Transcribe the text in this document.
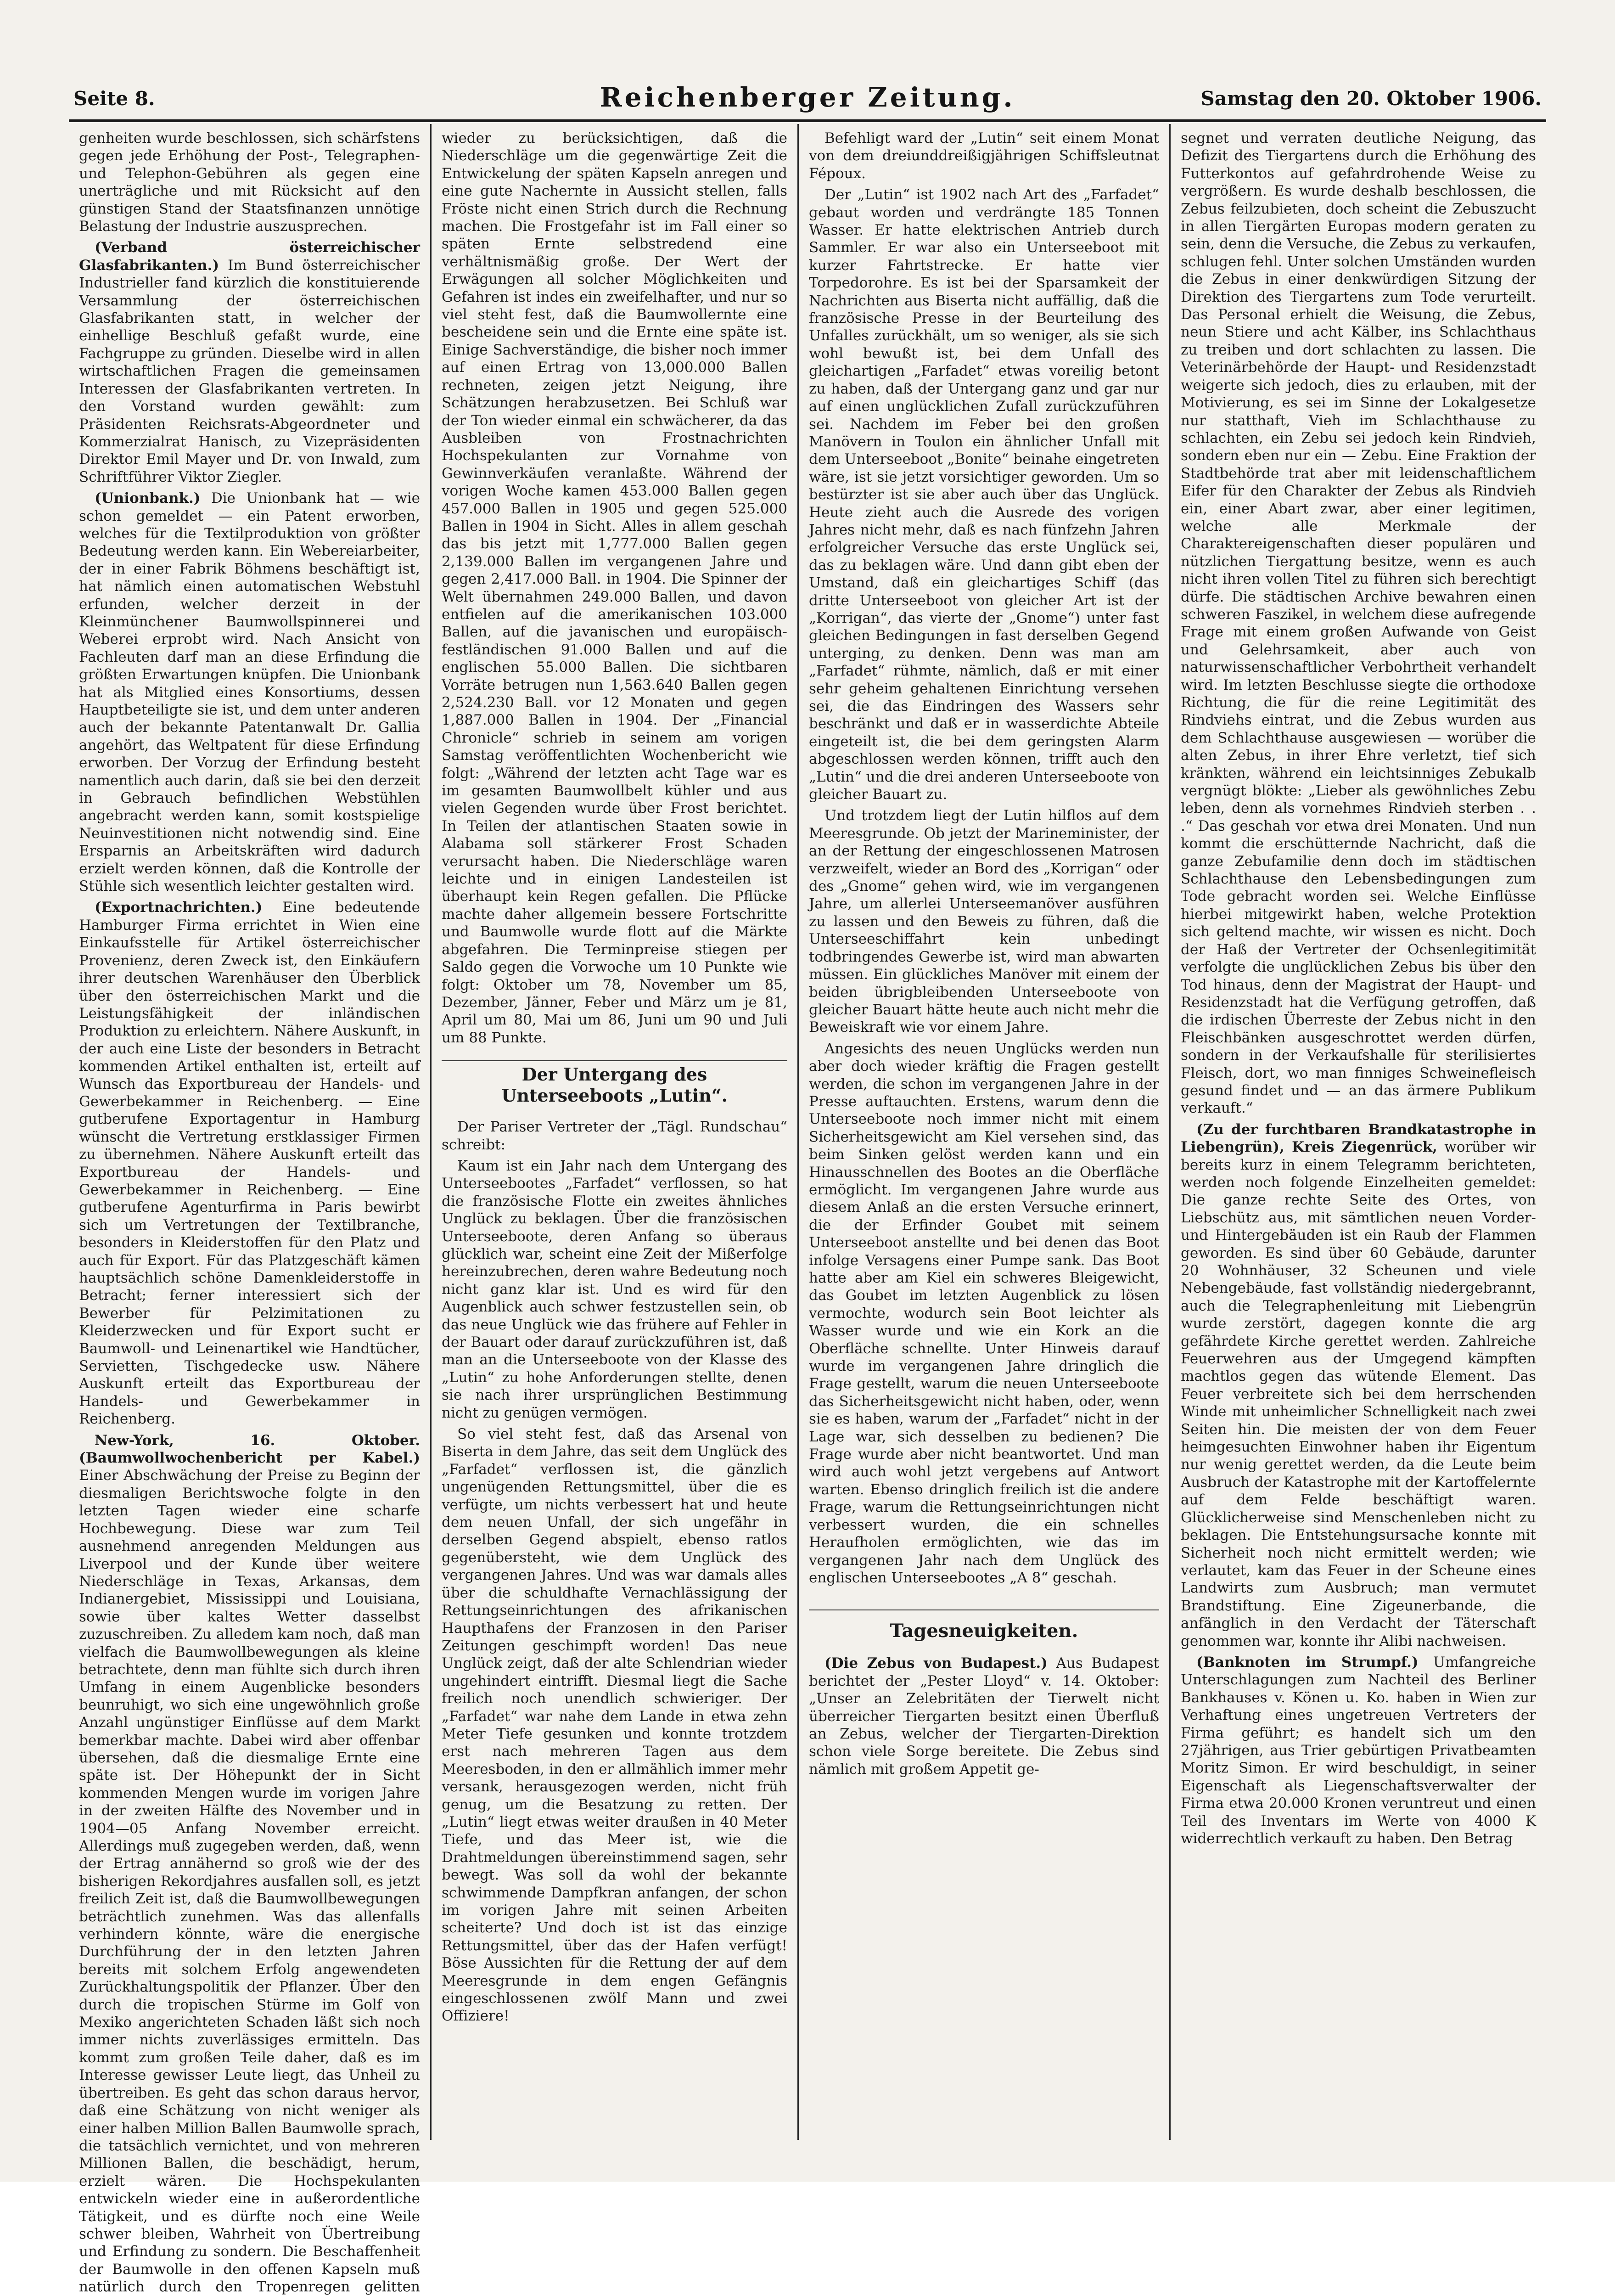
Seite 8.	Reichenberger Zeitung.	Samstag den 20. Oktober 1906.

genheiten wurde beschlossen, sich schärfstens gegen jede Erhöhung der Post-, Telegraphen- und Telephon-Gebühren als gegen eine unerträgliche und mit Rücksicht auf den günstigen Stand der Staatsfinanzen unnötige Belastung der Industrie auszusprechen.

(Verband österreichischer Glasfabrikanten.) Im Bund österreichischer Industrieller fand kürzlich die konstituierende Versammlung der österreichischen Glasfabrikanten statt, in welcher der einhellige Beschluß gefaßt wurde, eine Fachgruppe zu gründen. Dieselbe wird in allen wirtschaftlichen Fragen die gemeinsamen Interessen der Glasfabrikanten vertreten. In den Vorstand wurden gewählt: zum Präsidenten Reichsrats-Abgeordneter und Kommerzialrat Hanisch, zu Vizepräsidenten Direktor Emil Mayer und Dr. von Inwald, zum Schriftführer Viktor Ziegler.

(Unionbank.) Die Unionbank hat — wie schon gemeldet — ein Patent erworben, welches für die Textilproduktion von größter Bedeutung werden kann. Ein Webereiarbeiter, der in einer Fabrik Böhmens beschäftigt ist, hat nämlich einen automatischen Webstuhl erfunden, welcher derzeit in der Kleinmünchener Baumwollspinnerei und Weberei erprobt wird. Nach Ansicht von Fachleuten darf man an diese Erfindung die größten Erwartungen knüpfen. Die Unionbank hat als Mitglied eines Konsortiums, dessen Hauptbeteiligte sie ist, und dem unter anderen auch der bekannte Patentanwalt Dr. Gallia angehört, das Weltpatent für diese Erfindung erworben. Der Vorzug der Erfindung besteht namentlich auch darin, daß sie bei den derzeit in Gebrauch befindlichen Webstühlen angebracht werden kann, somit kostspielige Neuinvestitionen nicht notwendig sind. Eine Ersparnis an Arbeitskräften wird dadurch erzielt werden können, daß die Kontrolle der Stühle sich wesentlich leichter gestalten wird.

(Exportnachrichten.) Eine bedeutende Hamburger Firma errichtet in Wien eine Einkaufsstelle für Artikel österreichischer Provenienz, deren Zweck ist, den Einkäufern ihrer deutschen Warenhäuser den Überblick über den österreichischen Markt und die Leistungsfähigkeit der inländischen Produktion zu erleichtern. Nähere Auskunft, in der auch eine Liste der besonders in Betracht kommenden Artikel enthalten ist, erteilt auf Wunsch das Exportbureau der Handels- und Gewerbekammer in Reichenberg. — Eine gutberufene Exportagentur in Hamburg wünscht die Vertretung erstklassiger Firmen zu übernehmen. Nähere Auskunft erteilt das Exportbureau der Handels- und Gewerbekammer in Reichenberg. — Eine gutberufene Agenturfirma in Paris bewirbt sich um Vertretungen der Textilbranche, besonders in Kleiderstoffen für den Platz und auch für Export. Für das Platzgeschäft kämen hauptsächlich schöne Damenkleiderstoffe in Betracht; ferner interessiert sich der Bewerber für Pelzimitationen zu Kleiderzwecken und für Export sucht er Baumwoll- und Leinenartikel wie Handtücher, Servietten, Tischgedecke usw. Nähere Auskunft erteilt das Exportbureau der Handels- und Gewerbekammer in Reichenberg.

New-York, 16. Oktober. (Baumwollwochenbericht per Kabel.) Einer Abschwächung der Preise zu Beginn der diesmaligen Berichtswoche folgte in den letzten Tagen wieder eine scharfe Hochbewegung. Diese war zum Teil ausnehmend anregenden Meldungen aus Liverpool und der Kunde über weitere Niederschläge in Texas, Arkansas, dem Indianergebiet, Mississippi und Louisiana, sowie über kaltes Wetter dasselbst zuzuschreiben. Zu alledem kam noch, daß man vielfach die Baumwollbewegungen als kleine betrachtete, denn man fühlte sich durch ihren Umfang in einem Augenblicke besonders beunruhigt, wo sich eine ungewöhnlich große Anzahl ungünstiger Einflüsse auf dem Markt bemerkbar machte. Dabei wird aber offenbar übersehen, daß die diesmalige Ernte eine späte ist. Der Höhepunkt der in Sicht kommenden Mengen wurde im vorigen Jahre in der zweiten Hälfte des November und in 1904—05 Anfang November erreicht. Allerdings muß zugegeben werden, daß, wenn der Ertrag annähernd so groß wie der des bisherigen Rekordjahres ausfallen soll, es jetzt freilich Zeit ist, daß die Baumwollbewegungen beträchtlich zunehmen. Was das allenfalls verhindern könnte, wäre die energische Durchführung der in den letzten Jahren bereits mit solchem Erfolg angewendeten Zurückhaltungspolitik der Pflanzer. Über den durch die tropischen Stürme im Golf von Mexiko angerichteten Schaden läßt sich noch immer nichts zuverlässiges ermitteln. Das kommt zum großen Teile daher, daß es im Interesse gewisser Leute liegt, das Unheil zu übertreiben. Es geht das schon daraus hervor, daß eine Schätzung von nicht weniger als einer halben Million Ballen Baumwolle sprach, die tatsächlich vernichtet, und von mehreren Millionen Ballen, die beschädigt, herum, erzielt wären. Die Hochspekulanten entwickeln wieder eine in außerordentliche Tätigkeit, und es dürfte noch eine Weile schwer bleiben, Wahrheit von Übertreibung und Erfindung zu sondern. Die Beschaffenheit der Baumwolle in den offenen Kapseln muß natürlich durch den Tropenregen gelitten

wieder zu berücksichtigen, daß die Niederschläge um die gegenwärtige Zeit die Entwickelung der späten Kapseln anregen und eine gute Nachernte in Aussicht stellen, falls Fröste nicht einen Strich durch die Rechnung machen. Die Frostgefahr ist im Fall einer so späten Ernte selbstredend eine verhältnismäßig große. Der Wert der Erwägungen all solcher Möglichkeiten und Gefahren ist indes ein zweifelhafter, und nur so viel steht fest, daß die Baumwollernte eine bescheidene sein und die Ernte eine späte ist. Einige Sachverständige, die bisher noch immer auf einen Ertrag von 13,000.000 Ballen rechneten, zeigen jetzt Neigung, ihre Schätzungen herabzusetzen. Bei Schluß war der Ton wieder einmal ein schwächerer, da das Ausbleiben von Frostnachrichten Hochspekulanten zur Vornahme von Gewinnverkäufen veranlaßte. Während der vorigen Woche kamen 453.000 Ballen gegen 457.000 Ballen in 1905 und gegen 525.000 Ballen in 1904 in Sicht. Alles in allem geschah das bis jetzt mit 1,777.000 Ballen gegen 2,139.000 Ballen im vergangenen Jahre und gegen 2,417.000 Ball. in 1904. Die Spinner der Welt übernahmen 249.000 Ballen, und davon entfielen auf die amerikanischen 103.000 Ballen, auf die javanischen und europäisch-festländischen 91.000 Ballen und auf die englischen 55.000 Ballen. Die sichtbaren Vorräte betrugen nun 1,563.640 Ballen gegen 2,524.230 Ball. vor 12 Monaten und gegen 1,887.000 Ballen in 1904. Der „Financial Chronicle“ schrieb in seinem am vorigen Samstag veröffentlichten Wochenbericht wie folgt: „Während der letzten acht Tage war es im gesamten Baumwollbelt kühler und aus vielen Gegenden wurde über Frost berichtet. In Teilen der atlantischen Staaten sowie in Alabama soll stärkerer Frost Schaden verursacht haben. Die Niederschläge waren leichte und in einigen Landesteilen ist überhaupt kein Regen gefallen. Die Pflücke machte daher allgemein bessere Fortschritte und Baumwolle wurde flott auf die Märkte abgefahren. Die Terminpreise stiegen per Saldo gegen die Vorwoche um 10 Punkte wie folgt: Oktober um 78, November um 85, Dezember, Jänner, Feber und März um je 81, April um 80, Mai um 86, Juni um 90 und Juli um 88 Punkte.

Der Untergang des
Unterseeboots „Lutin“.

Der Pariser Vertreter der „Tägl. Rundschau“ schreibt:

Kaum ist ein Jahr nach dem Untergang des Unterseebootes „Farfadet“ verflossen, so hat die französische Flotte ein zweites ähnliches Unglück zu beklagen. Über die französischen Unterseeboote, deren Anfang so überaus glücklich war, scheint eine Zeit der Mißerfolge hereinzubrechen, deren wahre Bedeutung noch nicht ganz klar ist. Und es wird für den Augenblick auch schwer festzustellen sein, ob das neue Unglück wie das frühere auf Fehler in der Bauart oder darauf zurückzuführen ist, daß man an die Unterseeboote von der Klasse des „Lutin“ zu hohe Anforderungen stellte, denen sie nach ihrer ursprünglichen Bestimmung nicht zu genügen vermögen.

So viel steht fest, daß das Arsenal von Biserta in dem Jahre, das seit dem Unglück des „Farfadet“ verflossen ist, die gänzlich ungenügenden Rettungsmittel, über die es verfügte, um nichts verbessert hat und heute dem neuen Unfall, der sich ungefähr in derselben Gegend abspielt, ebenso ratlos gegenübersteht, wie dem Unglück des vergangenen Jahres. Und was war damals alles über die schuldhafte Vernachlässigung der Rettungseinrichtungen des afrikanischen Haupthafens der Franzosen in den Pariser Zeitungen geschimpft worden! Das neue Unglück zeigt, daß der alte Schlendrian wieder ungehindert eintrifft. Diesmal liegt die Sache freilich noch unendlich schwieriger. Der „Farfadet“ war nahe dem Lande in etwa zehn Meter Tiefe gesunken und konnte trotzdem erst nach mehreren Tagen aus dem Meeresboden, in den er allmählich immer mehr versank, herausgezogen werden, nicht früh genug, um die Besatzung zu retten. Der „Lutin“ liegt etwas weiter draußen in 40 Meter Tiefe, und das Meer ist, wie die Drahtmeldungen übereinstimmend sagen, sehr bewegt. Was soll da wohl der bekannte schwimmende Dampfkran anfangen, der schon im vorigen Jahre mit seinen Arbeiten scheiterte? Und doch ist ist das einzige Rettungsmittel, über das der Hafen verfügt! Böse Aussichten für die Rettung der auf dem Meeresgrunde in dem engen Gefängnis eingeschlossenen zwölf Mann und zwei Offiziere!

Befehligt ward der „Lutin“ seit einem Monat von dem dreiunddreißigjährigen Schiffsleutnat Fépoux.

Der „Lutin“ ist 1902 nach Art des „Farfadet“ gebaut worden und verdrängte 185 Tonnen Wasser. Er hatte elektrischen Antrieb durch Sammler. Er war also ein Unterseeboot mit kurzer Fahrtstrecke. Er hatte vier Torpedorohre. Es ist bei der Sparsamkeit der Nachrichten aus Biserta nicht auffällig, daß die französische Presse in der Beurteilung des Unfalles zurückhält, um so weniger, als sie sich wohl bewußt ist, bei dem Unfall des gleichartigen „Farfadet“ etwas voreilig betont zu haben, daß der Untergang ganz und gar nur auf einen unglücklichen Zufall zurückzuführen sei. Nachdem im Feber bei den großen Manövern in Toulon ein ähnlicher Unfall mit dem Unterseeboot „Bonite“ beinahe eingetreten wäre, ist sie jetzt vorsichtiger geworden. Um so bestürzter ist sie aber auch über das Unglück. Heute zieht auch die Ausrede des vorigen Jahres nicht mehr, daß es nach fünfzehn Jahren erfolgreicher Versuche das erste Unglück sei, das zu beklagen wäre. Und dann gibt eben der Umstand, daß ein gleichartiges Schiff (das dritte Unterseeboot von gleicher Art ist der „Korrigan“, das vierte der „Gnome“) unter fast gleichen Bedingungen in fast derselben Gegend unterging, zu denken. Denn was man am „Farfadet“ rühmte, nämlich, daß er mit einer sehr geheim gehaltenen Einrichtung versehen sei, die das Eindringen des Wassers sehr beschränkt und daß er in wasserdichte Abteile eingeteilt ist, die bei dem geringsten Alarm abgeschlossen werden können, trifft auch den „Lutin“ und die drei anderen Unterseeboote von gleicher Bauart zu.

Und trotzdem liegt der Lutin hilflos auf dem Meeresgrunde. Ob jetzt der Marineminister, der an der Rettung der eingeschlossenen Matrosen verzweifelt, wieder an Bord des „Korrigan“ oder des „Gnome“ gehen wird, wie im vergangenen Jahre, um allerlei Unterseemanöver ausführen zu lassen und den Beweis zu führen, daß die Unterseeschiffahrt kein unbedingt todbringendes Gewerbe ist, wird man abwarten müssen. Ein glückliches Manöver mit einem der beiden übrigbleibenden Unterseeboote von gleicher Bauart hätte heute auch nicht mehr die Beweiskraft wie vor einem Jahre.

Angesichts des neuen Unglücks werden nun aber doch wieder kräftig die Fragen gestellt werden, die schon im vergangenen Jahre in der Presse auftauchten. Erstens, warum denn die Unterseeboote noch immer nicht mit einem Sicherheitsgewicht am Kiel versehen sind, das beim Sinken gelöst werden kann und ein Hinausschnellen des Bootes an die Oberfläche ermöglicht. Im vergangenen Jahre wurde aus diesem Anlaß an die ersten Versuche erinnert, die der Erfinder Goubet mit seinem Unterseeboot anstellte und bei denen das Boot infolge Versagens einer Pumpe sank. Das Boot hatte aber am Kiel ein schweres Bleigewicht, das Goubet im letzten Augenblick zu lösen vermochte, wodurch sein Boot leichter als Wasser wurde und wie ein Kork an die Oberfläche schnellte. Unter Hinweis darauf wurde im vergangenen Jahre dringlich die Frage gestellt, warum die neuen Unterseeboote das Sicherheitsgewicht nicht haben, oder, wenn sie es haben, warum der „Farfadet“ nicht in der Lage war, sich desselben zu bedienen? Die Frage wurde aber nicht beantwortet. Und man wird auch wohl jetzt vergebens auf Antwort warten. Ebenso dringlich freilich ist die andere Frage, warum die Rettungseinrichtungen nicht verbessert wurden, die ein schnelles Heraufholen ermöglichten, wie das im vergangenen Jahr nach dem Unglück des englischen Unterseebootes „A 8“ geschah.

Tagesneuigkeiten.

(Die Zebus von Budapest.) Aus Budapest berichtet der „Pester Lloyd“ v. 14. Oktober: „Unser an Zelebritäten der Tierwelt nicht überreicher Tiergarten besitzt einen Überfluß an Zebus, welcher der Tiergarten-Direktion schon viele Sorge bereitete. Die Zebus sind nämlich mit großem Appetit ge-

segnet und verraten deutliche Neigung, das Defizit des Tiergartens durch die Erhöhung des Futterkontos auf gefahrdrohende Weise zu vergrößern. Es wurde deshalb beschlossen, die Zebus feilzubieten, doch scheint die Zebuszucht in allen Tiergärten Europas modern geraten zu sein, denn die Versuche, die Zebus zu verkaufen, schlugen fehl. Unter solchen Umständen wurden die Zebus in einer denkwürdigen Sitzung der Direktion des Tiergartens zum Tode verurteilt. Das Personal erhielt die Weisung, die Zebus, neun Stiere und acht Kälber, ins Schlachthaus zu treiben und dort schlachten zu lassen. Die Veterinärbehörde der Haupt- und Residenzstadt weigerte sich jedoch, dies zu erlauben, mit der Motivierung, es sei im Sinne der Lokalgesetze nur statthaft, Vieh im Schlachthause zu schlachten, ein Zebu sei jedoch kein Rindvieh, sondern eben nur ein — Zebu. Eine Fraktion der Stadtbehörde trat aber mit leidenschaftlichem Eifer für den Charakter der Zebus als Rindvieh ein, einer Abart zwar, aber einer legitimen, welche alle Merkmale der Charaktereigenschaften dieser populären und nützlichen Tiergattung besitze, wenn es auch nicht ihren vollen Titel zu führen sich berechtigt dürfe. Die städtischen Archive bewahren einen schweren Faszikel, in welchem diese aufregende Frage mit einem großen Aufwande von Geist und Gelehrsamkeit, aber auch von naturwissenschaftlicher Verbohrtheit verhandelt wird. Im letzten Beschlusse siegte die orthodoxe Richtung, die für die reine Legitimität des Rindviehs eintrat, und die Zebus wurden aus dem Schlachthause ausgewiesen — worüber die alten Zebus, in ihrer Ehre verletzt, tief sich kränkten, während ein leichtsinniges Zebukalb vergnügt blökte: „Lieber als gewöhnliches Zebu leben, denn als vornehmes Rindvieh sterben . . .“ Das geschah vor etwa drei Monaten. Und nun kommt die erschütternde Nachricht, daß die ganze Zebufamilie denn doch im städtischen Schlachthause den Lebensbedingungen zum Tode gebracht worden sei. Welche Einflüsse hierbei mitgewirkt haben, welche Protektion sich geltend machte, wir wissen es nicht. Doch der Haß der Vertreter der Ochsenlegitimität verfolgte die unglücklichen Zebus bis über den Tod hinaus, denn der Magistrat der Haupt- und Residenzstadt hat die Verfügung getroffen, daß die irdischen Überreste der Zebus nicht in den Fleischbänken ausgeschrottet werden dürfen, sondern in der Verkaufshalle für sterilisiertes Fleisch, dort, wo man finniges Schweinefleisch gesund findet und — an das ärmere Publikum verkauft.“

(Zu der furchtbaren Brandkatastrophe in Liebengrün), Kreis Ziegenrück, worüber wir bereits kurz in einem Telegramm berichteten, werden noch folgende Einzelheiten gemeldet: Die ganze rechte Seite des Ortes, von Liebschütz aus, mit sämtlichen neuen Vorder- und Hintergebäuden ist ein Raub der Flammen geworden. Es sind über 60 Gebäude, darunter 20 Wohnhäuser, 32 Scheunen und viele Nebengebäude, fast vollständig niedergebrannt, auch die Telegraphenleitung mit Liebengrün wurde zerstört, dagegen konnte die arg gefährdete Kirche gerettet werden. Zahlreiche Feuerwehren aus der Umgegend kämpften machtlos gegen das wütende Element. Das Feuer verbreitete sich bei dem herrschenden Winde mit unheimlicher Schnelligkeit nach zwei Seiten hin. Die meisten der von dem Feuer heimgesuchten Einwohner haben ihr Eigentum nur wenig gerettet werden, da die Leute beim Ausbruch der Katastrophe mit der Kartoffelernte auf dem Felde beschäftigt waren. Glücklicherweise sind Menschenleben nicht zu beklagen. Die Entstehungsursache konnte mit Sicherheit noch nicht ermittelt werden; wie verlautet, kam das Feuer in der Scheune eines Landwirts zum Ausbruch; man vermutet Brandstiftung. Eine Zigeunerbande, die anfänglich in den Verdacht der Täterschaft genommen war, konnte ihr Alibi nachweisen.

(Banknoten im Strumpf.) Umfangreiche Unterschlagungen zum Nachteil des Berliner Bankhauses v. Könen u. Ko. haben in Wien zur Verhaftung eines ungetreuen Vertreters der Firma geführt; es handelt sich um den 27jährigen, aus Trier gebürtigen Privatbeamten Moritz Simon. Er wird beschuldigt, in seiner Eigenschaft als Liegenschaftsverwalter der Firma etwa 20.000 Kronen veruntreut und einen Teil des Inventars im Werte von 4000 K widerrechtlich verkauft zu haben. Den Betrag
